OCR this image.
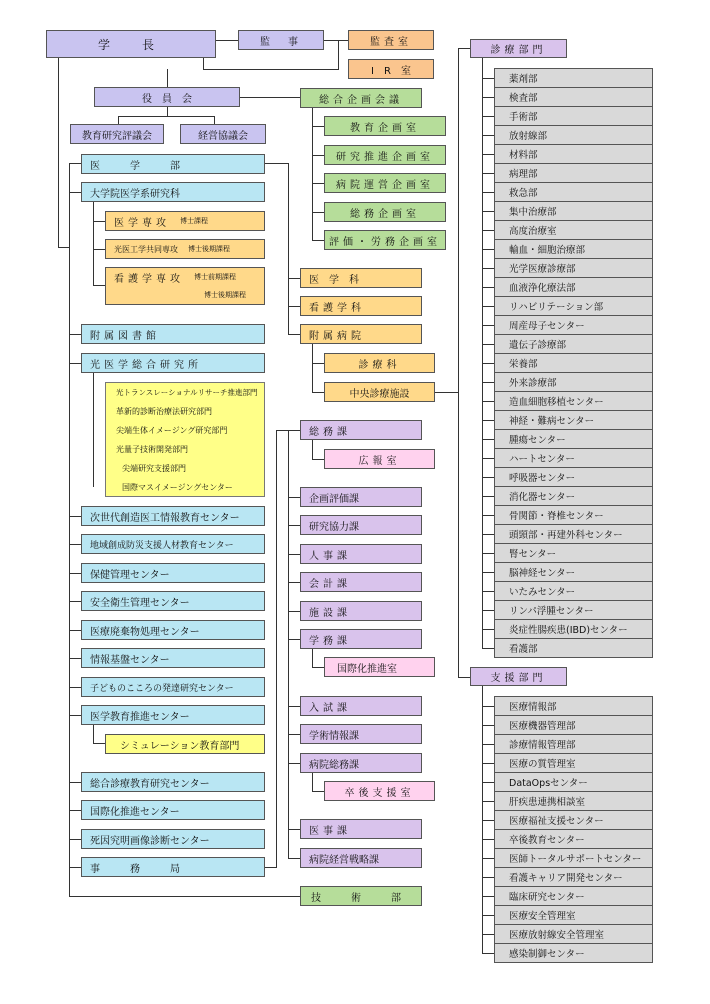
学　長	監　事	監査室
I　R　室
役　員　会	総合企画会議
教育研究評議会	経営協議会
教育企画室
研究推進企画室
病院運営企画室
総務企画室
評価・労務企画室
医　学　部
大学院医学系研究科
医学専攻 博士課程
光医工学共同専攻 博士後期課程
看護学専攻 博士前期課程
博士後期課程
医学科
看護学科
附属病院
診療科
中央診療施設
附属図書館
光医学総合研究所
光トランスレーショナルリサーチ推進部門
革新的診断治療法研究部門
尖端生体イメージング研究部門
光量子技術開発部門
尖端研究支援部門
国際マスイメージングセンター
次世代創造医工情報教育センター
地域創成防災支援人材教育センター
保健管理センター
安全衛生管理センター
医療廃棄物処理センター
情報基盤センター
子どものこころの発達研究センター
医学教育推進センター
シミュレーション教育部門
総合診療教育研究センター
国際化推進センター
死因究明画像診断センター
事　務　局
技　術　部
総務課
広報室
企画評価課
研究協力課
人事課
会計課
施設課
学務課
国際化推進室
入試課
学術情報課
病院総務課
卒後支援室
医事課
病院経営戦略課
診療部門
支援部門
薬剤部
検査部
手術部
放射線部
材料部
病理部
救急部
集中治療部
高度治療室
輸血・細胞治療部
光学医療診療部
血液浄化療法部
リハビリテーション部
周産母子センター
遺伝子診療部
栄養部
外来診療部
造血細胞移植センター
神経・難病センター
腫瘍センター
ハートセンター
呼吸器センター
消化器センター
骨関節・脊椎センター
頭頸部・再建外科センター
腎センター
脳神経センター
いたみセンター
リンパ浮腫センター
炎症性腸疾患(IBD)センター
看護部
医療情報部
医療機器管理部
診療情報管理部
医療の質管理室
DataOpsセンター
肝疾患連携相談室
医療福祉支援センター
卒後教育センター
医師トータルサポートセンター
看護キャリア開発センター
臨床研究センター
医療安全管理室
医療放射線安全管理室
感染制御センター
